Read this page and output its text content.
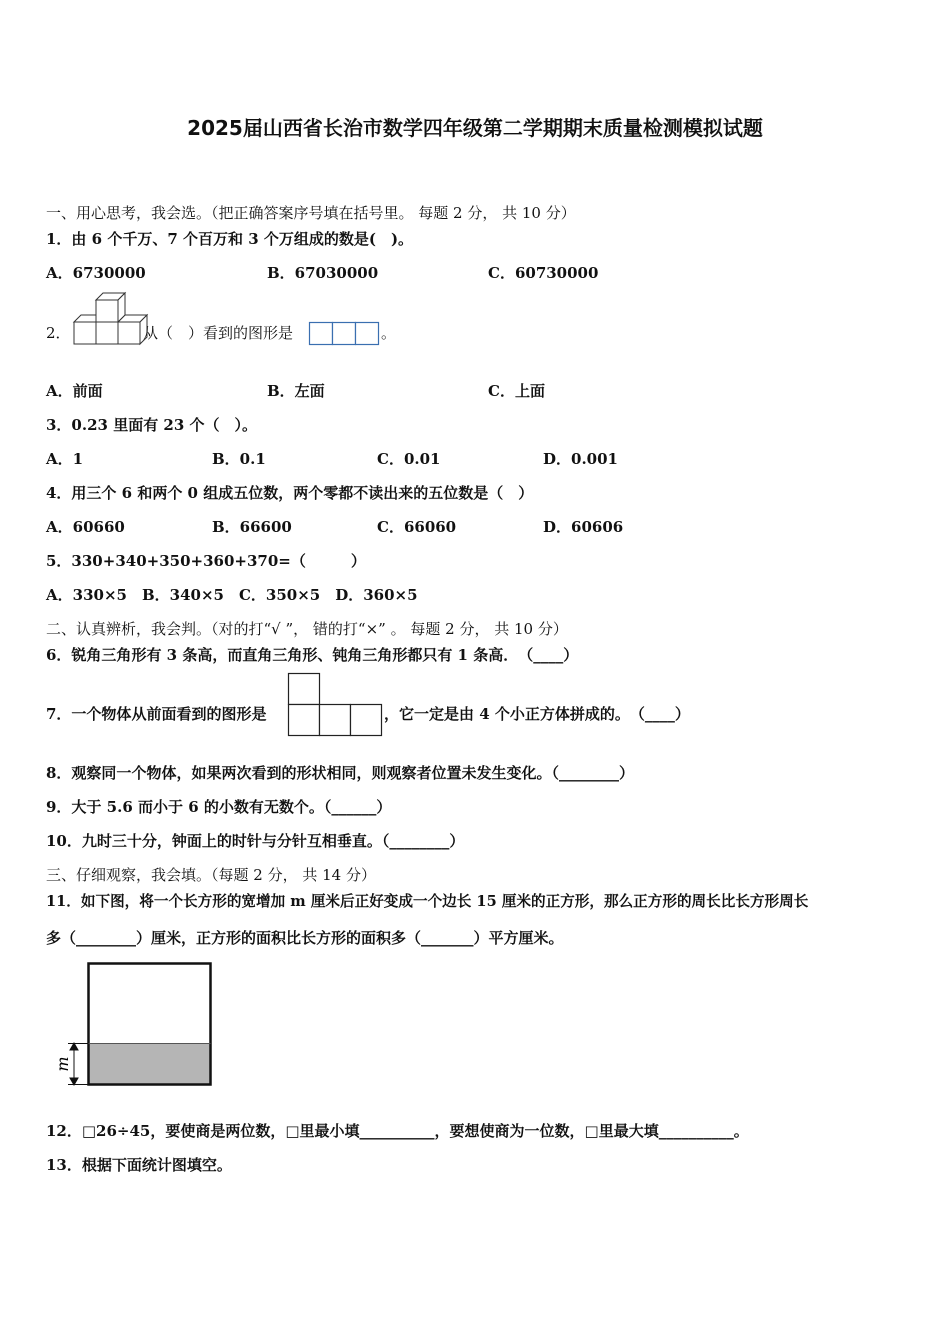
2025届山西省长治市数学四年级第二学期期末质量检测模拟试题
一、用心思考，我会选。（把正确答案序号填在括号里。 每题 2 分， 共 10 分）
1．由 6 个千万、7 个百万和 3 个万组成的数是(　)。
A．6730000	B．67030000	C．60730000
2．	从（　）看到的图形是	。
A．前面	B．左面	C．上面
3．0.23 里面有 23 个（　）。
A．1	B．0.1	C．0.01	D．0.001
4．用三个 6 和两个 0 组成五位数，两个零都不读出来的五位数是（　）
A．60660	B．66600	C．66060	D．60606
5．330+340+350+360+370=（　　　）
A．330×5　B．340×5　C．350×5　D．360×5
二、认真辨析，我会判。（对的打“√ ”， 错的打“×” 。 每题 2 分， 共 10 分）
6．锐角三角形有 3 条高，而直角三角形、钝角三角形都只有 1 条高．　（____）
7．一个物体从前面看到的图形是	，它一定是由 4 个小正方体拼成的。　（____）
8．观察同一个物体，如果两次看到的形状相同，则观察者位置未发生变化。（________）
9．大于 5.6 而小于 6 的小数有无数个。（______）
10．九时三十分，钟面上的时针与分针互相垂直。（________）
三、仔细观察，我会填。（每题 2 分， 共 14 分）
11．如下图，将一个长方形的宽增加 m 厘米后正好变成一个边长 15 厘米的正方形，那么正方形的周长比长方形周长
多（________）厘米，正方形的面积比长方形的面积多（_______）平方厘米。
m
12．□26÷45，要使商是两位数，□里最小填__________，要想使商为一位数，□里最大填__________。
13．根据下面统计图填空。
